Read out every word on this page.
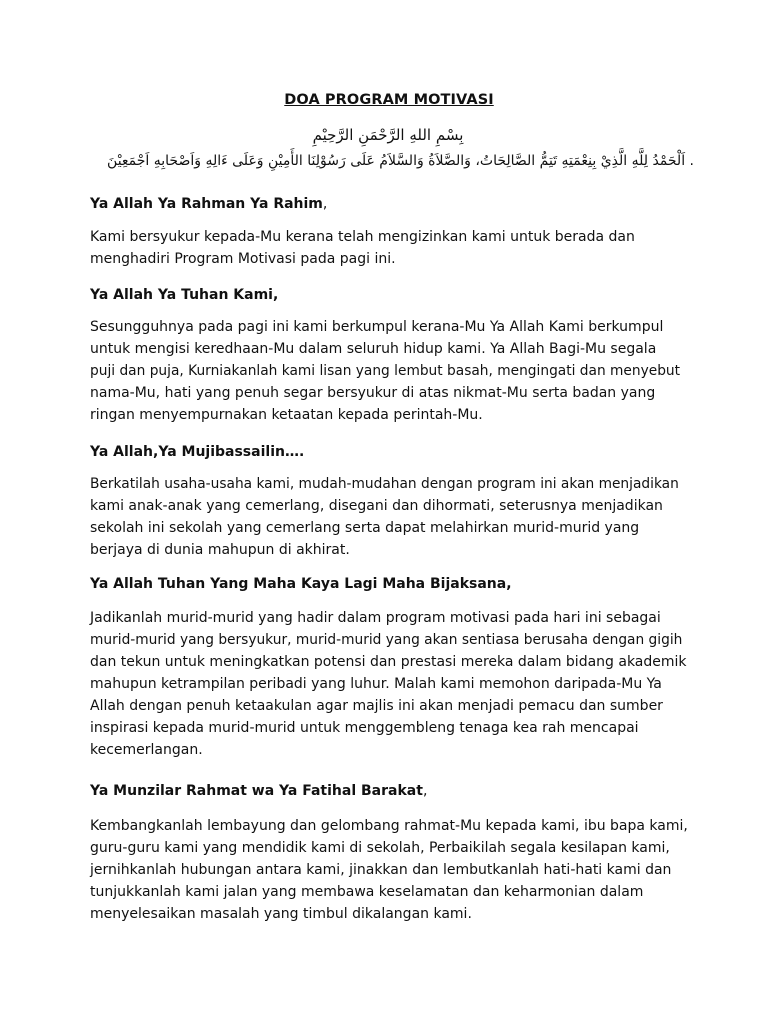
DOA PROGRAM MOTIVASI
بِسْمِ اللهِ الرَّحْمَنِ الرَّحِيْمِ
. اَلْحَمْدُ لِلَّهِ الَّذِيْ بِنِعْمَتِهِ تَتِمُّ الصَّالِحَاتُ، وَالصَّلاَةُ وَالسَّلاَمُ عَلَى رَسُوْلِنَا الأَمِيْنِ وَعَلَى ءَالِهِ وَاَصْحَابِهِ اَجْمَعِيْنَ
Ya Allah Ya Rahman Ya Rahim,
Kami bersyukur kepada-Mu kerana telah mengizinkan kami untuk berada dan
menghadiri Program Motivasi pada pagi ini.
Ya Allah Ya Tuhan Kami,
Sesungguhnya pada pagi ini kami berkumpul kerana-Mu Ya Allah Kami berkumpul
untuk mengisi keredhaan-Mu dalam seluruh hidup kami. Ya Allah Bagi-Mu segala
puji dan puja, Kurniakanlah kami lisan yang lembut basah, mengingati dan menyebut
nama-Mu, hati yang penuh segar bersyukur di atas nikmat-Mu serta badan yang
ringan menyempurnakan ketaatan kepada perintah-Mu.
Ya Allah,Ya Mujibassailin….
Berkatilah usaha-usaha kami, mudah-mudahan dengan program ini akan menjadikan
kami anak-anak yang cemerlang, disegani dan dihormati, seterusnya menjadikan
sekolah ini sekolah yang cemerlang serta dapat melahirkan murid-murid yang
berjaya di dunia mahupun di akhirat.
Ya Allah Tuhan Yang Maha Kaya Lagi Maha Bijaksana,
Jadikanlah murid-murid yang hadir dalam program motivasi pada hari ini sebagai
murid-murid yang bersyukur, murid-murid yang akan sentiasa berusaha dengan gigih
dan tekun untuk meningkatkan potensi dan prestasi mereka dalam bidang akademik
mahupun ketrampilan peribadi yang luhur. Malah kami memohon daripada-Mu Ya
Allah dengan penuh ketaakulan agar majlis ini akan menjadi pemacu dan sumber
inspirasi kepada murid-murid untuk menggembleng tenaga kea rah mencapai
kecemerlangan.
Ya Munzilar Rahmat wa Ya Fatihal Barakat,
Kembangkanlah lembayung dan gelombang rahmat-Mu kepada kami, ibu bapa kami,
guru-guru kami yang mendidik kami di sekolah, Perbaikilah segala kesilapan kami,
jernihkanlah hubungan antara kami, jinakkan dan lembutkanlah hati-hati kami dan
tunjukkanlah kami jalan yang membawa keselamatan dan keharmonian dalam
menyelesaikan masalah yang timbul dikalangan kami.
